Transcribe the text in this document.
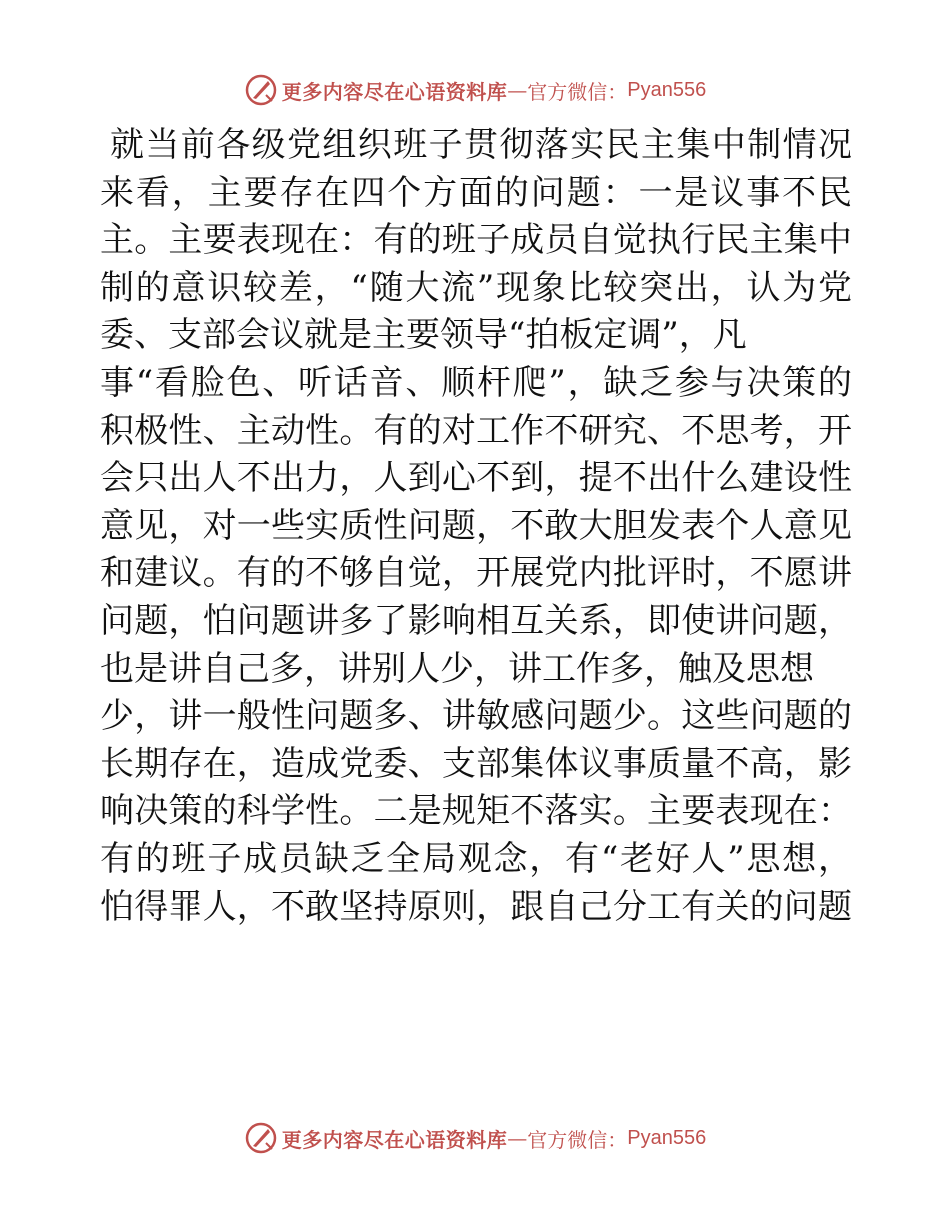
更多内容尽在心语资料库 — 官方微信： Pyan556
就当前各级党组织班子贯彻落实民主集中制情况
来看，主要存在四个方面的问题：一是议事不民
主。主要表现在：有的班子成员自觉执行民主集中
制的意识较差，“随大流”现象比较突出，认为党
委、支部会议就是主要领导“拍板定调”，凡
事“看脸色、听话音、顺杆爬”，缺乏参与决策的
积极性、主动性。有的对工作不研究、不思考，开
会只出人不出力，人到心不到，提不出什么建设性
意见，对一些实质性问题，不敢大胆发表个人意见
和建议。有的不够自觉，开展党内批评时，不愿讲
问题，怕问题讲多了影响相互关系，即使讲问题，
也是讲自己多，讲别人少，讲工作多，触及思想
少，讲一般性问题多、讲敏感问题少。这些问题的
长期存在，造成党委、支部集体议事质量不高，影
响决策的科学性。二是规矩不落实。主要表现在：
有的班子成员缺乏全局观念，有“老好人”思想，
怕得罪人，不敢坚持原则，跟自己分工有关的问题
更多内容尽在心语资料库 — 官方微信： Pyan556
